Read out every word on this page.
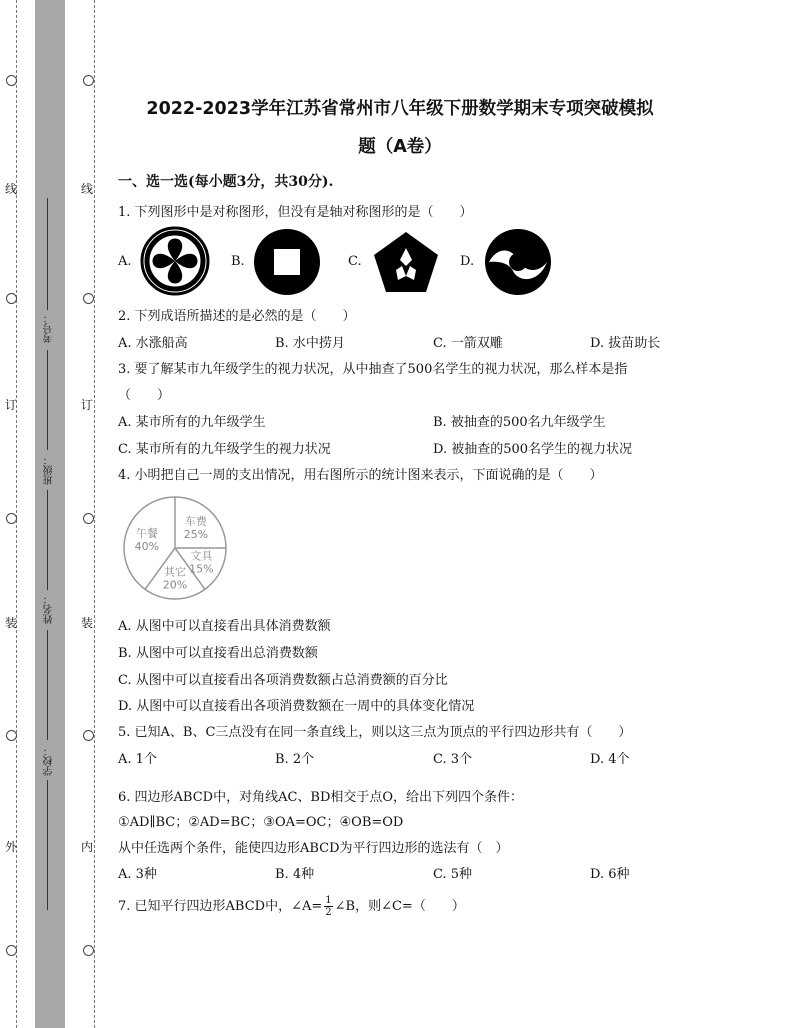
线
订
装
外
线
订
装
内
考号：
班级：
姓名：
学校：
2022-2023学年江苏省常州市八年级下册数学期末专项突破模拟
题（A卷）
一、选一选(每小题3分，共30分).
1. 下列图形中是对称图形，但没有是轴对称图形的是（　　）
A.	B.	C.	D.
2. 下列成语所描述的是必然的是（　　）
A. 水涨船高	B. 水中捞月	C. 一箭双雕	D. 拔苗助长
3. 要了解某市九年级学生的视力状况，从中抽查了500名学生的视力状况，那么样本是指
（　　）
A. 某市所有的九年级学生	B. 被抽查的500名九年级学生
C. 某市所有的九年级学生的视力状况	D. 被抽查的500名学生的视力状况
4. 小明把自己一周的支出情况，用右图所示的统计图来表示，下面说确的是（　　）
车费
25%
文具
15%
其它
20%
午餐
40%
A. 从图中可以直接看出具体消费数额
B. 从图中可以直接看出总消费数额
C. 从图中可以直接看出各项消费数额占总消费额的百分比
D. 从图中可以直接看出各项消费数额在一周中的具体变化情况
5. 已知A、B、C三点没有在同一条直线上，则以这三点为顶点的平行四边形共有（　　）
A. 1个	B. 2个	C. 3个	D. 4个
6. 四边形ABCD中，对角线AC、BD相交于点O，给出下列四个条件：
①AD∥BC；②AD=BC；③OA=OC；④OB=OD
从中任选两个条件，能使四边形ABCD为平行四边形的选法有（　）
A. 3种	B. 4种	C. 5种	D. 6种
7. 已知平行四边形ABCD中，∠A= $\frac{1}{2}$ ∠B，则∠C=（　　）
